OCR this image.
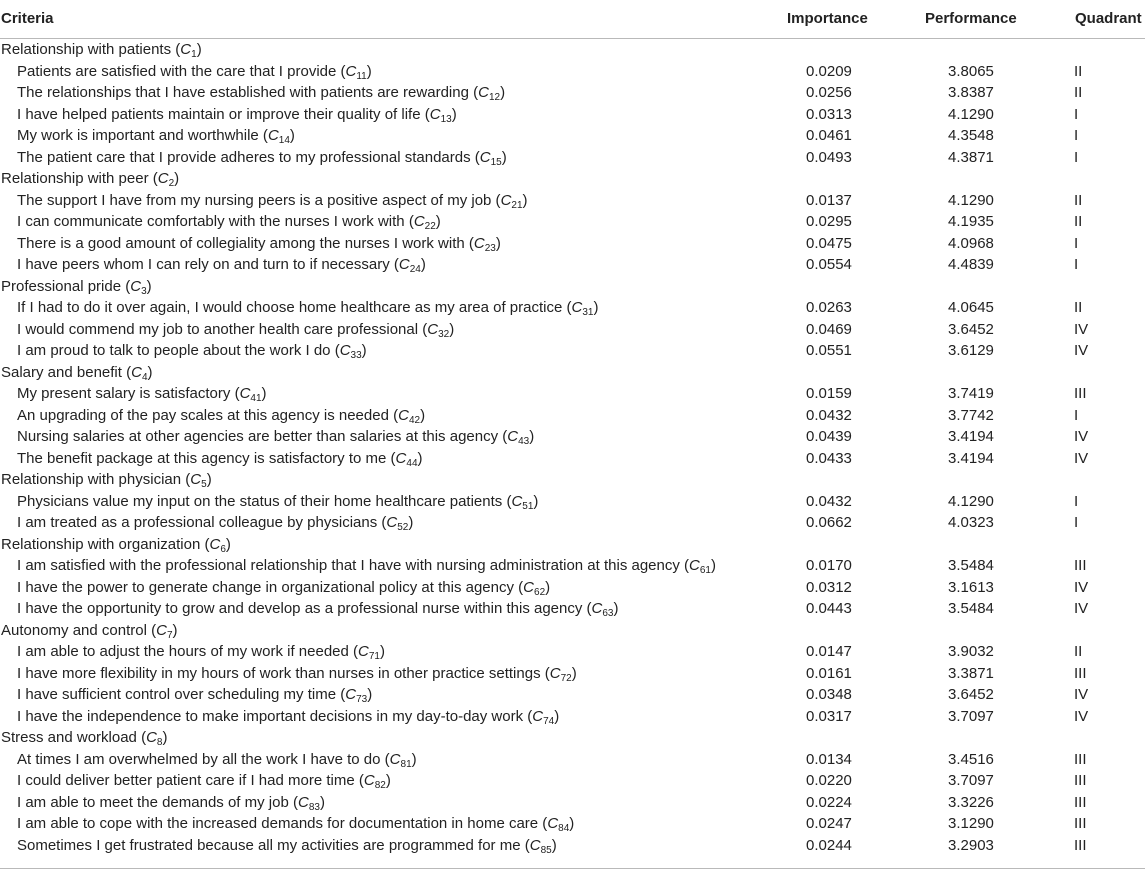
Criteria	Importance	Performance	Quadrant
Relationship with patients $(C_1)$
Patients are satisfied with the care that I provide $(C_{11})$	0.0209	3.8065	II
The relationships that I have established with patients are rewarding $(C_{12})$	0.0256	3.8387	II
I have helped patients maintain or improve their quality of life $(C_{13})$	0.0313	4.1290	I
My work is important and worthwhile $(C_{14})$	0.0461	4.3548	I
The patient care that I provide adheres to my professional standards $(C_{15})$	0.0493	4.3871	I
Relationship with peer $(C_2)$
The support I have from my nursing peers is a positive aspect of my job $(C_{21})$	0.0137	4.1290	II
I can communicate comfortably with the nurses I work with $(C_{22})$	0.0295	4.1935	II
There is a good amount of collegiality among the nurses I work with $(C_{23})$	0.0475	4.0968	I
I have peers whom I can rely on and turn to if necessary $(C_{24})$	0.0554	4.4839	I
Professional pride $(C_3)$
If I had to do it over again, I would choose home healthcare as my area of practice $(C_{31})$	0.0263	4.0645	II
I would commend my job to another health care professional $(C_{32})$	0.0469	3.6452	IV
I am proud to talk to people about the work I do $(C_{33})$	0.0551	3.6129	IV
Salary and benefit $(C_4)$
My present salary is satisfactory $(C_{41})$	0.0159	3.7419	III
An upgrading of the pay scales at this agency is needed $(C_{42})$	0.0432	3.7742	I
Nursing salaries at other agencies are better than salaries at this agency $(C_{43})$	0.0439	3.4194	IV
The benefit package at this agency is satisfactory to me $(C_{44})$	0.0433	3.4194	IV
Relationship with physician $(C_5)$
Physicians value my input on the status of their home healthcare patients $(C_{51})$	0.0432	4.1290	I
I am treated as a professional colleague by physicians $(C_{52})$	0.0662	4.0323	I
Relationship with organization $(C_6)$
I am satisfied with the professional relationship that I have with nursing administration at this agency $(C_{61})$	0.0170	3.5484	III
I have the power to generate change in organizational policy at this agency $(C_{62})$	0.0312	3.1613	IV
I have the opportunity to grow and develop as a professional nurse within this agency $(C_{63})$	0.0443	3.5484	IV
Autonomy and control $(C_7)$
I am able to adjust the hours of my work if needed $(C_{71})$	0.0147	3.9032	II
I have more flexibility in my hours of work than nurses in other practice settings $(C_{72})$	0.0161	3.3871	III
I have sufficient control over scheduling my time $(C_{73})$	0.0348	3.6452	IV
I have the independence to make important decisions in my day-to-day work $(C_{74})$	0.0317	3.7097	IV
Stress and workload $(C_8)$
At times I am overwhelmed by all the work I have to do $(C_{81})$	0.0134	3.4516	III
I could deliver better patient care if I had more time $(C_{82})$	0.0220	3.7097	III
I am able to meet the demands of my job $(C_{83})$	0.0224	3.3226	III
I am able to cope with the increased demands for documentation in home care $(C_{84})$	0.0247	3.1290	III
Sometimes I get frustrated because all my activities are programmed for me $(C_{85})$	0.0244	3.2903	III
